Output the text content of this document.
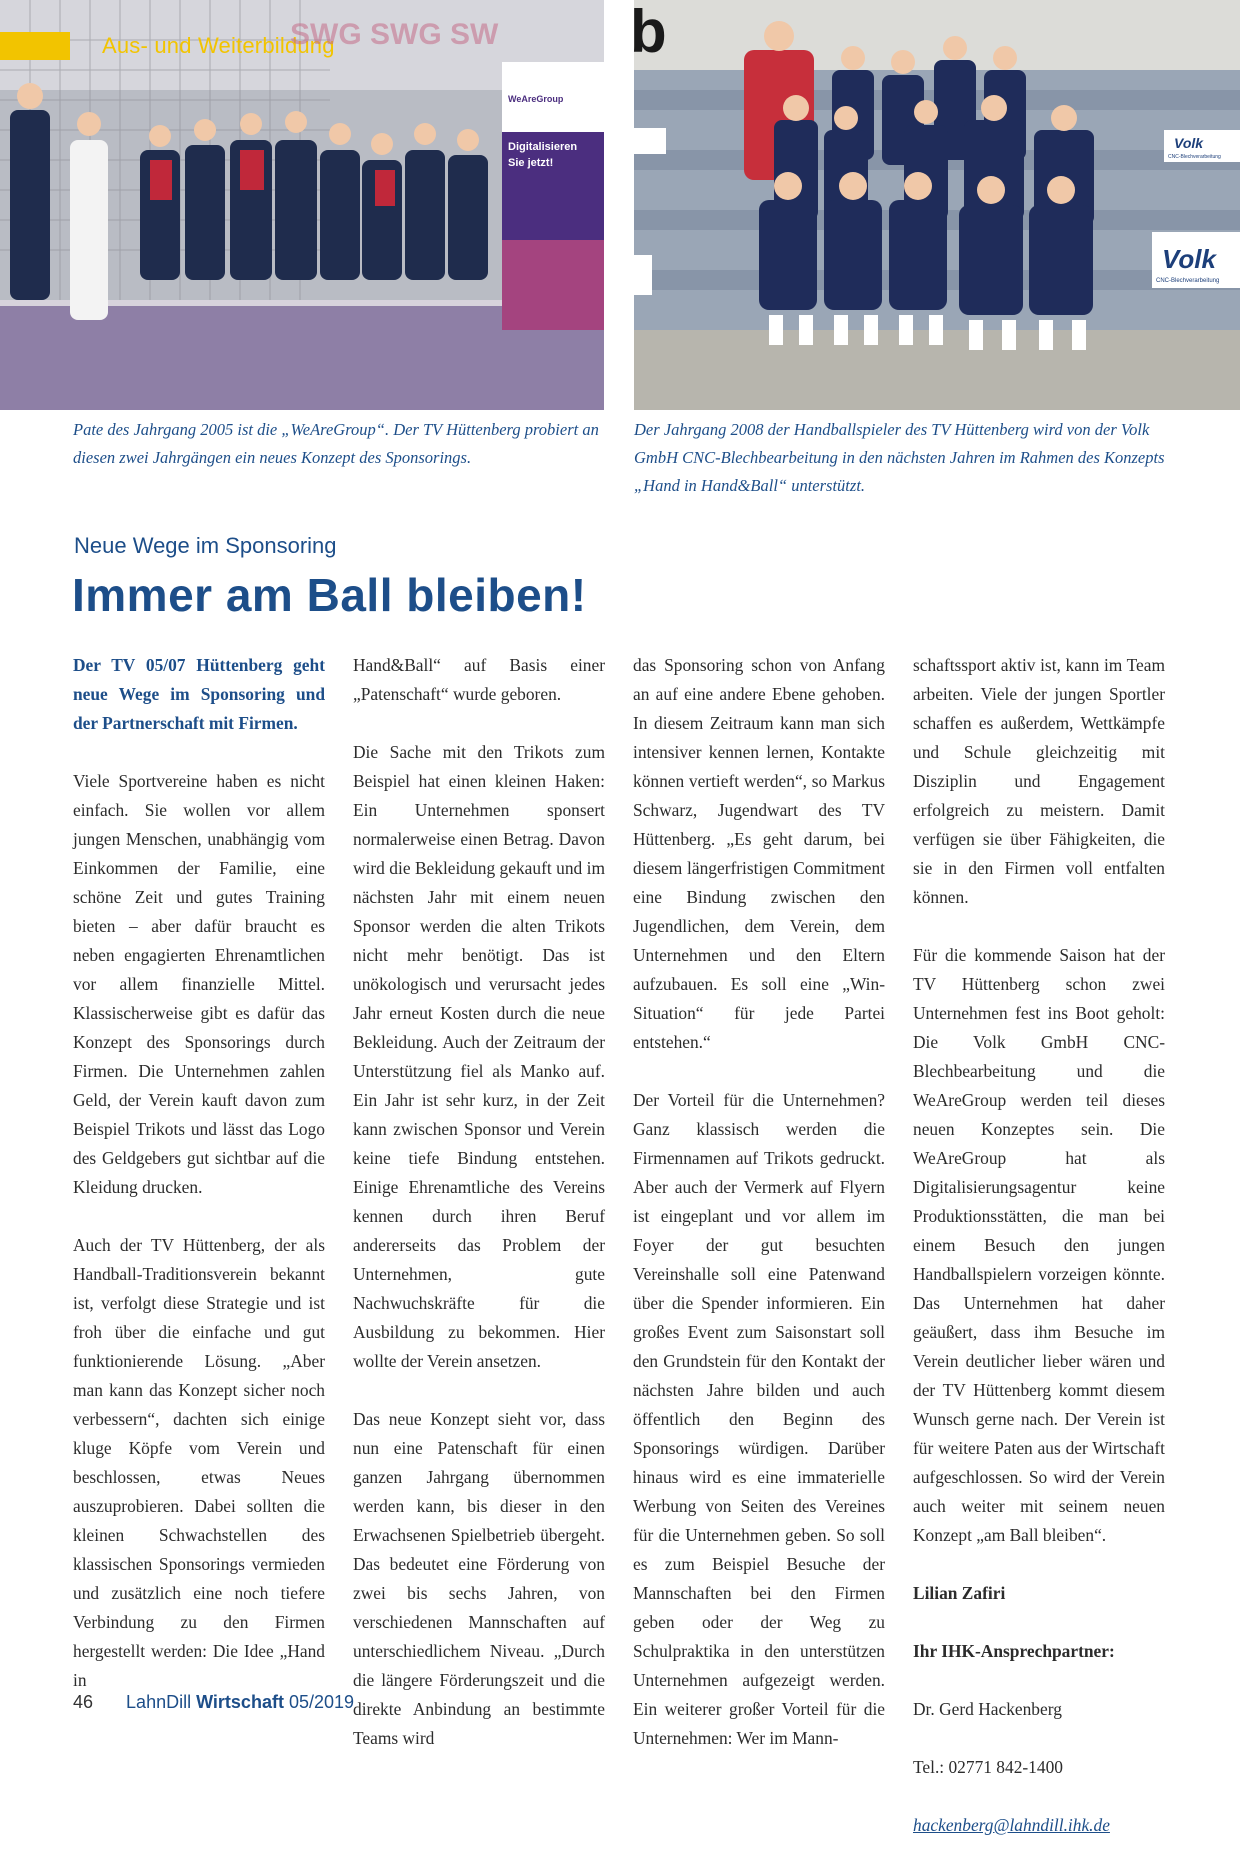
Aus- und Weiterbildung
SWG SWG SW
WeAreGroup
Digitalisieren
Sie jetzt!
b
Volk
CNC-Blechverarbeitung
Volk
CNC-Blechverarbeitung
Pate des Jahrgang 2005 ist die „WeAreGroup“. Der TV Hüttenberg probiert an diesen zwei Jahrgängen ein neues Konzept des Sponsorings.
Der Jahrgang 2008 der Handballspieler des TV Hüttenberg wird von der Volk GmbH CNC-Blechbearbeitung in den nächsten Jahren im Rahmen des Konzepts „Hand in Hand&Ball“ unterstützt.
Neue Wege im Sponsoring
Immer am Ball bleiben!

Der TV 05/07 Hüttenberg geht neue Wege im Sponsoring und der Partnerschaft mit Firmen.

Viele Sportvereine haben es nicht einfach. Sie wollen vor allem jungen Menschen, unabhängig vom Einkommen der Familie, eine schöne Zeit und gutes Training bieten – aber dafür braucht es neben engagierten Ehrenamtlichen vor allem finanzielle Mittel. Klassischerweise gibt es dafür das Konzept des Sponsorings durch Firmen. Die Unternehmen zahlen Geld, der Verein kauft davon zum Beispiel Trikots und lässt das Logo des Geldgebers gut sichtbar auf die Kleidung drucken.

Auch der TV Hüttenberg, der als Handball-Traditionsverein bekannt ist, verfolgt diese Strategie und ist froh über die einfache und gut funktionierende Lösung. „Aber man kann das Konzept sicher noch verbessern“, dachten sich einige kluge Köpfe vom Verein und beschlossen, etwas Neues auszuprobieren. Dabei sollten die kleinen Schwachstellen des klassischen Sponsorings vermieden und zusätzlich eine noch tiefere Verbindung zu den Firmen hergestellt werden: Die Idee „Hand in

Hand&Ball“ auf Basis einer „Patenschaft“ wurde geboren.

Die Sache mit den Trikots zum Beispiel hat einen kleinen Haken: Ein Unternehmen sponsert normalerweise einen Betrag. Davon wird die Bekleidung gekauft und im nächsten Jahr mit einem neuen Sponsor werden die alten Trikots nicht mehr benötigt. Das ist unökologisch und verursacht jedes Jahr erneut Kosten durch die neue Bekleidung. Auch der Zeitraum der Unterstützung fiel als Manko auf. Ein Jahr ist sehr kurz, in der Zeit kann zwischen Sponsor und Verein keine tiefe Bindung entstehen. Einige Ehrenamtliche des Vereins kennen durch ihren Beruf andererseits das Problem der Unternehmen, gute Nachwuchskräfte für die Ausbildung zu bekommen. Hier wollte der Verein ansetzen.

Das neue Konzept sieht vor, dass nun eine Patenschaft für einen ganzen Jahrgang übernommen werden kann, bis dieser in den Erwachsenen Spielbetrieb übergeht. Das bedeutet eine Förderung von zwei bis sechs Jahren, von verschiedenen Mannschaften auf unterschiedlichem Niveau. „Durch die längere Förderungszeit und die direkte Anbindung an bestimmte Teams wird

das Sponsoring schon von Anfang an auf eine andere Ebene gehoben. In diesem Zeitraum kann man sich intensiver kennen lernen, Kontakte können vertieft werden“, so Markus Schwarz, Jugendwart des TV Hüttenberg. „Es geht darum, bei diesem längerfristigen Commitment eine Bindung zwischen den Jugendlichen, dem Verein, dem Unternehmen und den Eltern aufzubauen. Es soll eine „Win-Situation“ für jede Partei entstehen.“

Der Vorteil für die Unternehmen? Ganz klassisch werden die Firmennamen auf Trikots gedruckt. Aber auch der Vermerk auf Flyern ist eingeplant und vor allem im Foyer der gut besuchten Vereinshalle soll eine Patenwand über die Spender informieren. Ein großes Event zum Saisonstart soll den Grundstein für den Kontakt der nächsten Jahre bilden und auch öffentlich den Beginn des Sponsorings würdigen. Darüber hinaus wird es eine immaterielle Werbung von Seiten des Vereines für die Unternehmen geben. So soll es zum Beispiel Besuche der Mannschaften bei den Firmen geben oder der Weg zu Schulpraktika in den unterstützen Unternehmen aufgezeigt werden. Ein weiterer großer Vorteil für die Unternehmen: Wer im Mann-

schaftssport aktiv ist, kann im Team arbeiten. Viele der jungen Sportler schaffen es außerdem, Wettkämpfe und Schule gleichzeitig mit Disziplin und Engagement erfolgreich zu meistern. Damit verfügen sie über Fähigkeiten, die sie in den Firmen voll entfalten können.

Für die kommende Saison hat der TV Hüttenberg schon zwei Unternehmen fest ins Boot geholt: Die Volk GmbH CNC-Blechbearbeitung und die WeAreGroup werden teil dieses neuen Konzeptes sein. Die WeAreGroup hat als Digitalisierungsagentur keine Produktionsstätten, die man bei einem Besuch den jungen Handballspielern vorzeigen könnte. Das Unternehmen hat daher geäußert, dass ihm Besuche im Verein deutlicher lieber wären und der TV Hüttenberg kommt diesem Wunsch gerne nach. Der Verein ist für weitere Paten aus der Wirtschaft aufgeschlossen. So wird der Verein auch weiter mit seinem neuen Konzept „am Ball bleiben“.

Lilian Zafiri

Ihr IHK-Ansprechpartner:

Dr. Gerd Hackenberg

Tel.: 02771 842-1400

hackenberg@lahndill.ihk.de

46 LahnDill Wirtschaft 05/2019
